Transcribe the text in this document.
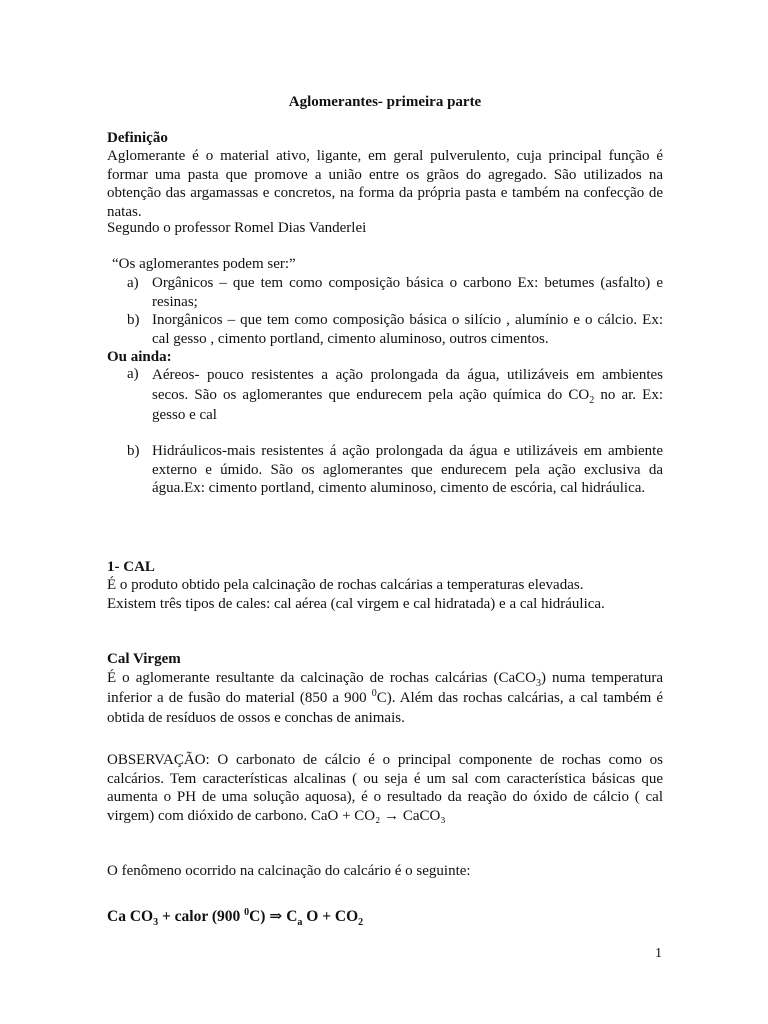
Aglomerantes- primeira parte
Definição
Aglomerante é o material ativo, ligante, em geral pulverulento, cuja principal função é formar uma pasta que promove a união entre os grãos do agregado. São utilizados na obtenção das argamassas e concretos, na forma da própria pasta e também na confecção de natas.
Segundo o professor Romel Dias Vanderlei
“Os aglomerantes podem ser:”
a) Orgânicos – que tem como composição básica o carbono Ex: betumes (asfalto) e resinas;
b) Inorgânicos – que tem como composição básica o silício , alumínio e o cálcio. Ex: cal gesso , cimento portland, cimento aluminoso, outros cimentos.
Ou ainda:
a) Aéreos- pouco resistentes a ação prolongada da água, utilizáveis em ambientes secos. São os aglomerantes que endurecem pela ação química do $CO_2$ no ar. Ex: gesso e cal
b) Hidráulicos-mais resistentes á ação prolongada da água e utilizáveis em ambiente externo e úmido. São os aglomerantes que endurecem pela ação exclusiva da água.Ex: cimento portland, cimento aluminoso, cimento de escória, cal hidráulica.
1- CAL
É o produto obtido pela calcinação de rochas calcárias a temperaturas elevadas.
Existem três tipos de cales: cal aérea (cal virgem e cal hidratada) e a cal hidráulica.
Cal Virgem
É o aglomerante resultante da calcinação de rochas calcárias (CaCO$_3$) numa temperatura inferior a de fusão do material (850 a 900 $^0$C). Além das rochas calcárias, a cal também é obtida de resíduos de ossos e conchas de animais.
OBSERVAÇÃO: O carbonato de cálcio é o principal componente de rochas como os calcários. Tem características alcalinas ( ou seja é um sal com característica básicas que aumenta o PH de uma solução aquosa), é o resultado da reação do óxido de cálcio ( cal virgem) com dióxido de carbono. CaO + CO₂ → CaCO₃
O fenômeno ocorrido na calcinação do calcário é o seguinte:
Ca $CO_3$ + calor (900 $^0$C) ⇒ $C_a$ $O + CO_2$
1
